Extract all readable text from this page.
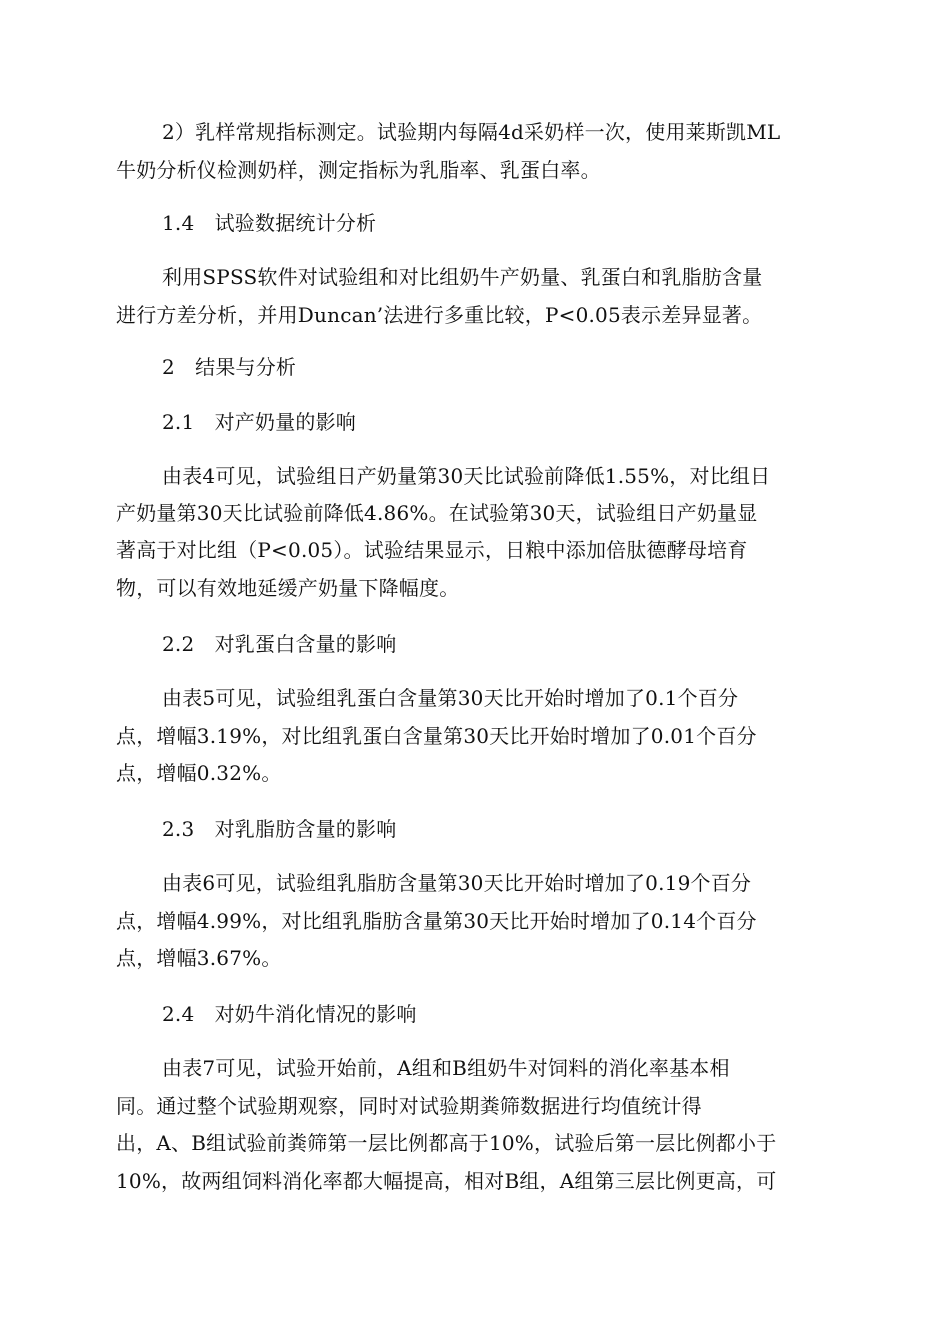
2）乳样常规指标测定。试验期内每隔4d采奶样一次，使用莱斯凯ML
牛奶分析仪检测奶样，测定指标为乳脂率、乳蛋白率。
1.4　试验数据统计分析
利用SPSS软件对试验组和对比组奶牛产奶量、乳蛋白和乳脂肪含量
进行方差分析，并用Duncan’法进行多重比较，P<0.05表示差异显著。
2　结果与分析
2.1　对产奶量的影响
由表4可见，试验组日产奶量第30天比试验前降低1.55%，对比组日
产奶量第30天比试验前降低4.86%。在试验第30天，试验组日产奶量显
著高于对比组（P<0.05）。试验结果显示，日粮中添加倍肽德酵母培育
物，可以有效地延缓产奶量下降幅度。
2.2　对乳蛋白含量的影响
由表5可见，试验组乳蛋白含量第30天比开始时增加了0.1个百分
点，增幅3.19%，对比组乳蛋白含量第30天比开始时增加了0.01个百分
点，增幅0.32%。
2.3　对乳脂肪含量的影响
由表6可见，试验组乳脂肪含量第30天比开始时增加了0.19个百分
点，增幅4.99%，对比组乳脂肪含量第30天比开始时增加了0.14个百分
点，增幅3.67%。
2.4　对奶牛消化情况的影响
由表7可见，试验开始前，A组和B组奶牛对饲料的消化率基本相
同。通过整个试验期观察，同时对试验期粪筛数据进行均值统计得
出，A、B组试验前粪筛第一层比例都高于10%，试验后第一层比例都小于
10%，故两组饲料消化率都大幅提高，相对B组，A组第三层比例更高，可
